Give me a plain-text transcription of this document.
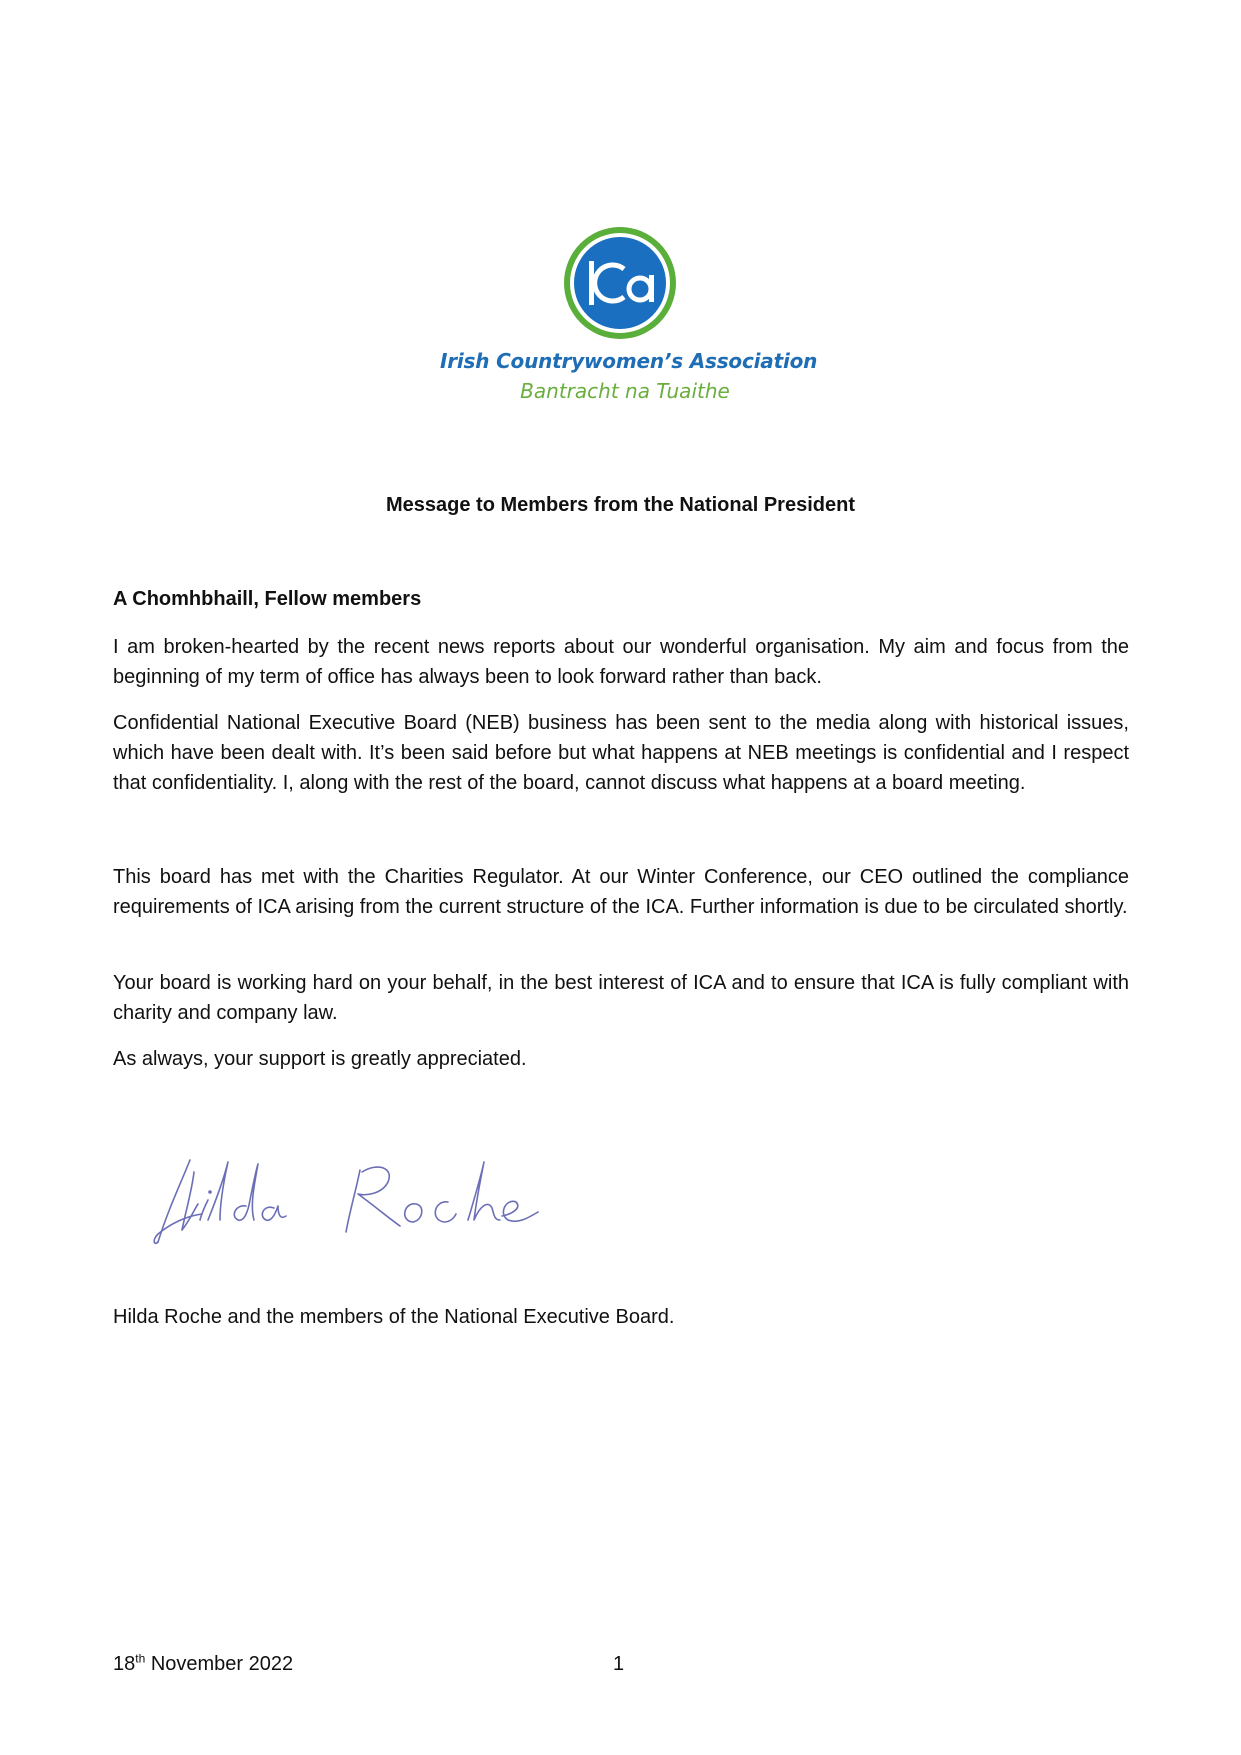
Irish Countrywomen’s Association
Bantracht na Tuaithe
Message to Members from the National President
A Chomhbhaill, Fellow members
I am broken-hearted by the recent news reports about our wonderful organisation. My aim and focus from the beginning of my term of office has always been to look forward rather than back.
Confidential National Executive Board (NEB) business has been sent to the media along with historical issues, which have been dealt with. It’s been said before but what happens at NEB meetings is confidential and I respect that confidentiality. I, along with the rest of the board, cannot discuss what happens at a board meeting.
This board has met with the Charities Regulator. At our Winter Conference, our CEO outlined the compliance requirements of ICA arising from the current structure of the ICA. Further information is due to be circulated shortly.
Your board is working hard on your behalf, in the best interest of ICA and to ensure that ICA is fully compliant with charity and company law.
As always, your support is greatly appreciated.
Hilda Roche and the members of the National Executive Board.
18th November 2022	1
